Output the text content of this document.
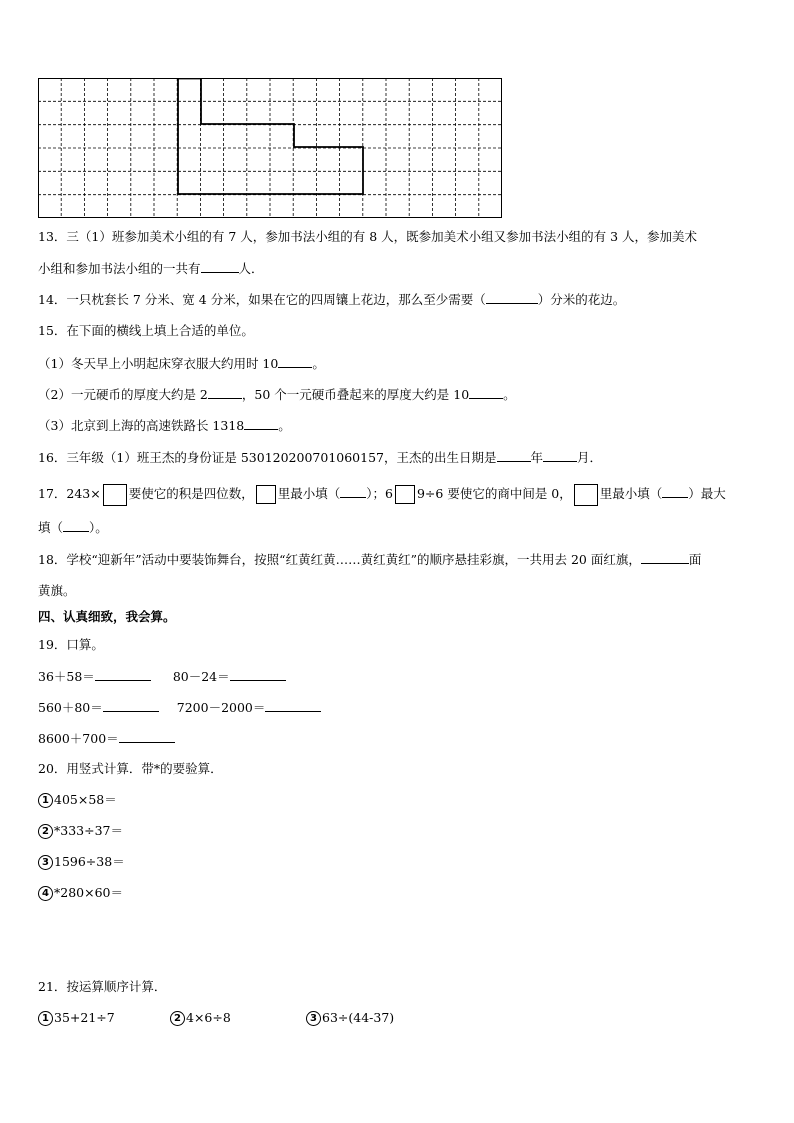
13．三（1）班参加美术小组的有 7 人，参加书法小组的有 8 人，既参加美术小组又参加书法小组的有 3 人，参加美术
小组和参加书法小组的一共有	人．
14．一只枕套长 7 分米、宽 4 分米，如果在它的四周镶上花边，那么至少需要（	）分米的花边。
15．在下面的横线上填上合适的单位。
（1）冬天早上小明起床穿衣服大约用时 10	。
（2）一元硬币的厚度大约是 2	，50 个一元硬币叠起来的厚度大约是 10	。
（3）北京到上海的高速铁路长 1318	。
16．三年级（1）班王杰的身份证是 530120200701060157，王杰的出生日期是	年	月．
17．243× 要使它的积是四位数， 里最小填（ ）；6 9÷6 要使它的商中间是 0， 里最小填（ ）最大
填（ ）。
18．学校“迎新年”活动中要装饰舞台，按照“红黄红黄……黄红黄红”的顺序悬挂彩旗，一共用去 20 面红旗，	面
黄旗。
四、认真细致，我会算。
19．口算。
36＋58＝	80－24＝
560＋80＝	7200－2000＝
8600＋700＝
20．用竖式计算．带*的要验算．
1 405×58＝
2 *333÷37＝
3 1596÷38＝
4 *280×60＝
21．按运算顺序计算．
1 35+21÷7	2 4×6÷8	3 63÷(44-37)
